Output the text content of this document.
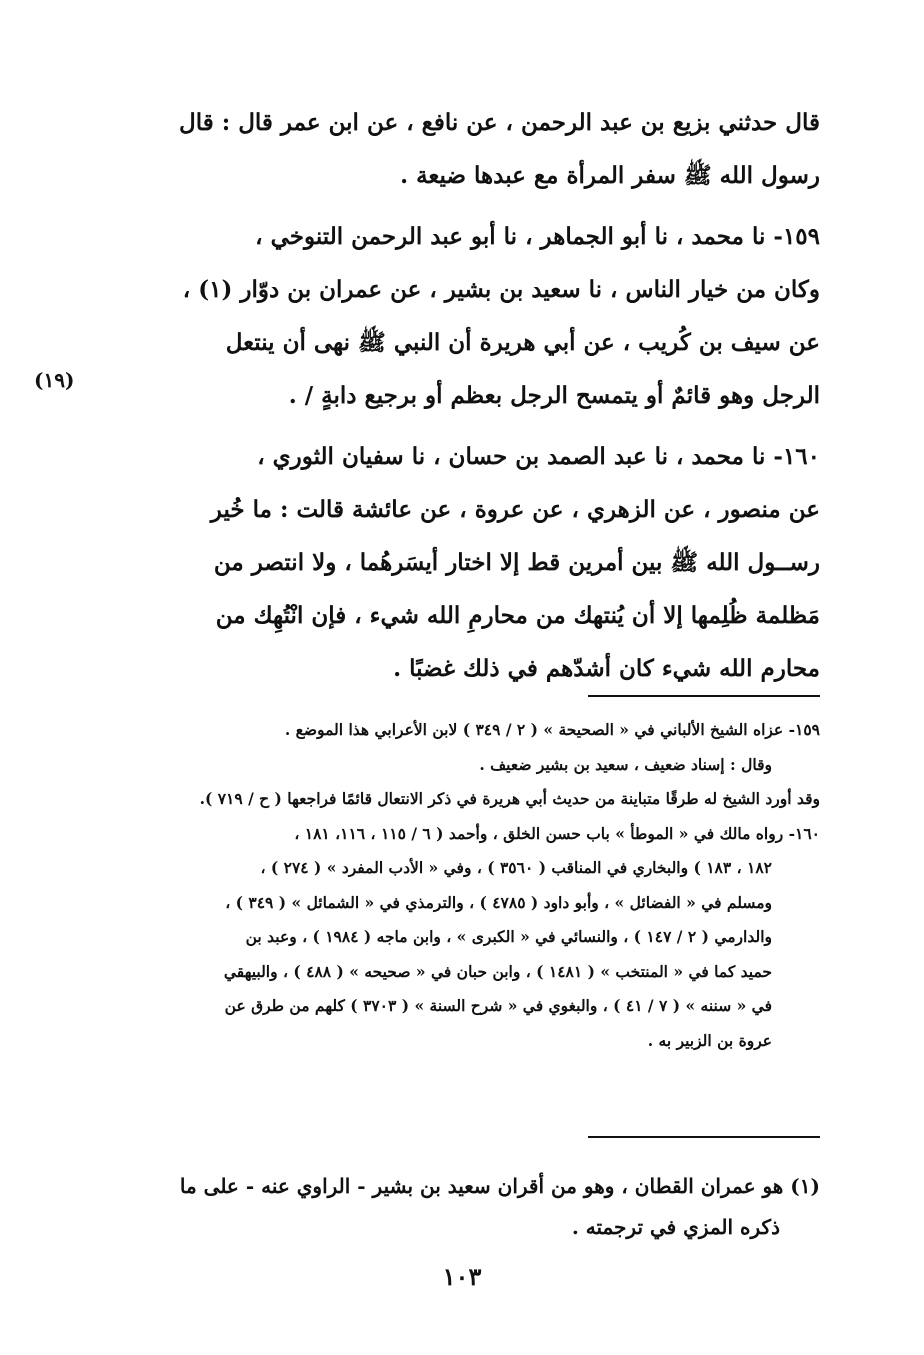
قال حدثني بزيع بن عبد الرحمن ، عن نافع ، عن ابن عمر قال : قال
رسول الله ﷺ سفر المرأة مع عبدها ضيعة .

١٥٩- نا محمد ، نا أبو الجماهر ، نا أبو عبد الرحمن التنوخي ،
وكان من خيار الناس ، نا سعيد بن بشير ، عن عمران بن دوّار (١) ،
عن سيف بن كُريب ، عن أبي هريرة أن النبي ﷺ نهى أن ينتعل
الرجل وهو قائمٌ أو يتمسح الرجل بعظم أو برجيع دابةٍ / .

١٦٠- نا محمد ، نا عبد الصمد بن حسان ، نا سفيان الثوري ،
عن منصور ، عن الزهري ، عن عروة ، عن عائشة قالت : ما خُير
رســول الله ﷺ بين أمرين قط إلا اختار أيسَرهُما ، ولا انتصر من
مَظلمة ظُلِمها إلا أن يُنتهك من محارمِ الله شيء ، فإن انْتُهِك من
محارم الله شيء كان أشدّهم في ذلك غضبًا .

(١٩)
١٥٩- عزاه الشيخ الألباني في « الصحيحة » ( ٢ / ٣٤٩ ) لابن الأعرابي هذا الموضع .
وقال : إسناد ضعيف ، سعيد بن بشير ضعيف .
وقد أورد الشيخ له طرقًا متباينة من حديث أبي هريرة في ذكر الانتعال قائمًا فراجعها ( ح / ٧١٩ ).
١٦٠- رواه مالك في « الموطأ » باب حسن الخلق ، وأحمد ( ٦ / ١١٥ ، ١١٦، ١٨١ ،
١٨٢ ، ١٨٣ ) والبخاري في المناقب ( ٣٥٦٠ ) ، وفي « الأدب المفرد » ( ٢٧٤ ) ،
ومسلم في « الفضائل » ، وأبو داود ( ٤٧٨٥ ) ، والترمذي في « الشمائل » ( ٣٤٩ ) ،
والدارمي ( ٢ / ١٤٧ ) ، والنسائي في « الكبرى » ، وابن ماجه ( ١٩٨٤ ) ، وعبد بن
حميد كما في « المنتخب » ( ١٤٨١ ) ، وابن حبان في « صحيحه » ( ٤٨٨ ) ، والبيهقي
في « سننه » ( ٧ / ٤١ ) ، والبغوي في « شرح السنة » ( ٣٧٠٣ ) كلهم من طرق عن
عروة بن الزبير به .
(١) هو عمران القطان ، وهو من أقران سعيد بن بشير - الراوي عنه - على ما
ذكره المزي في ترجمته .
١٠٣
